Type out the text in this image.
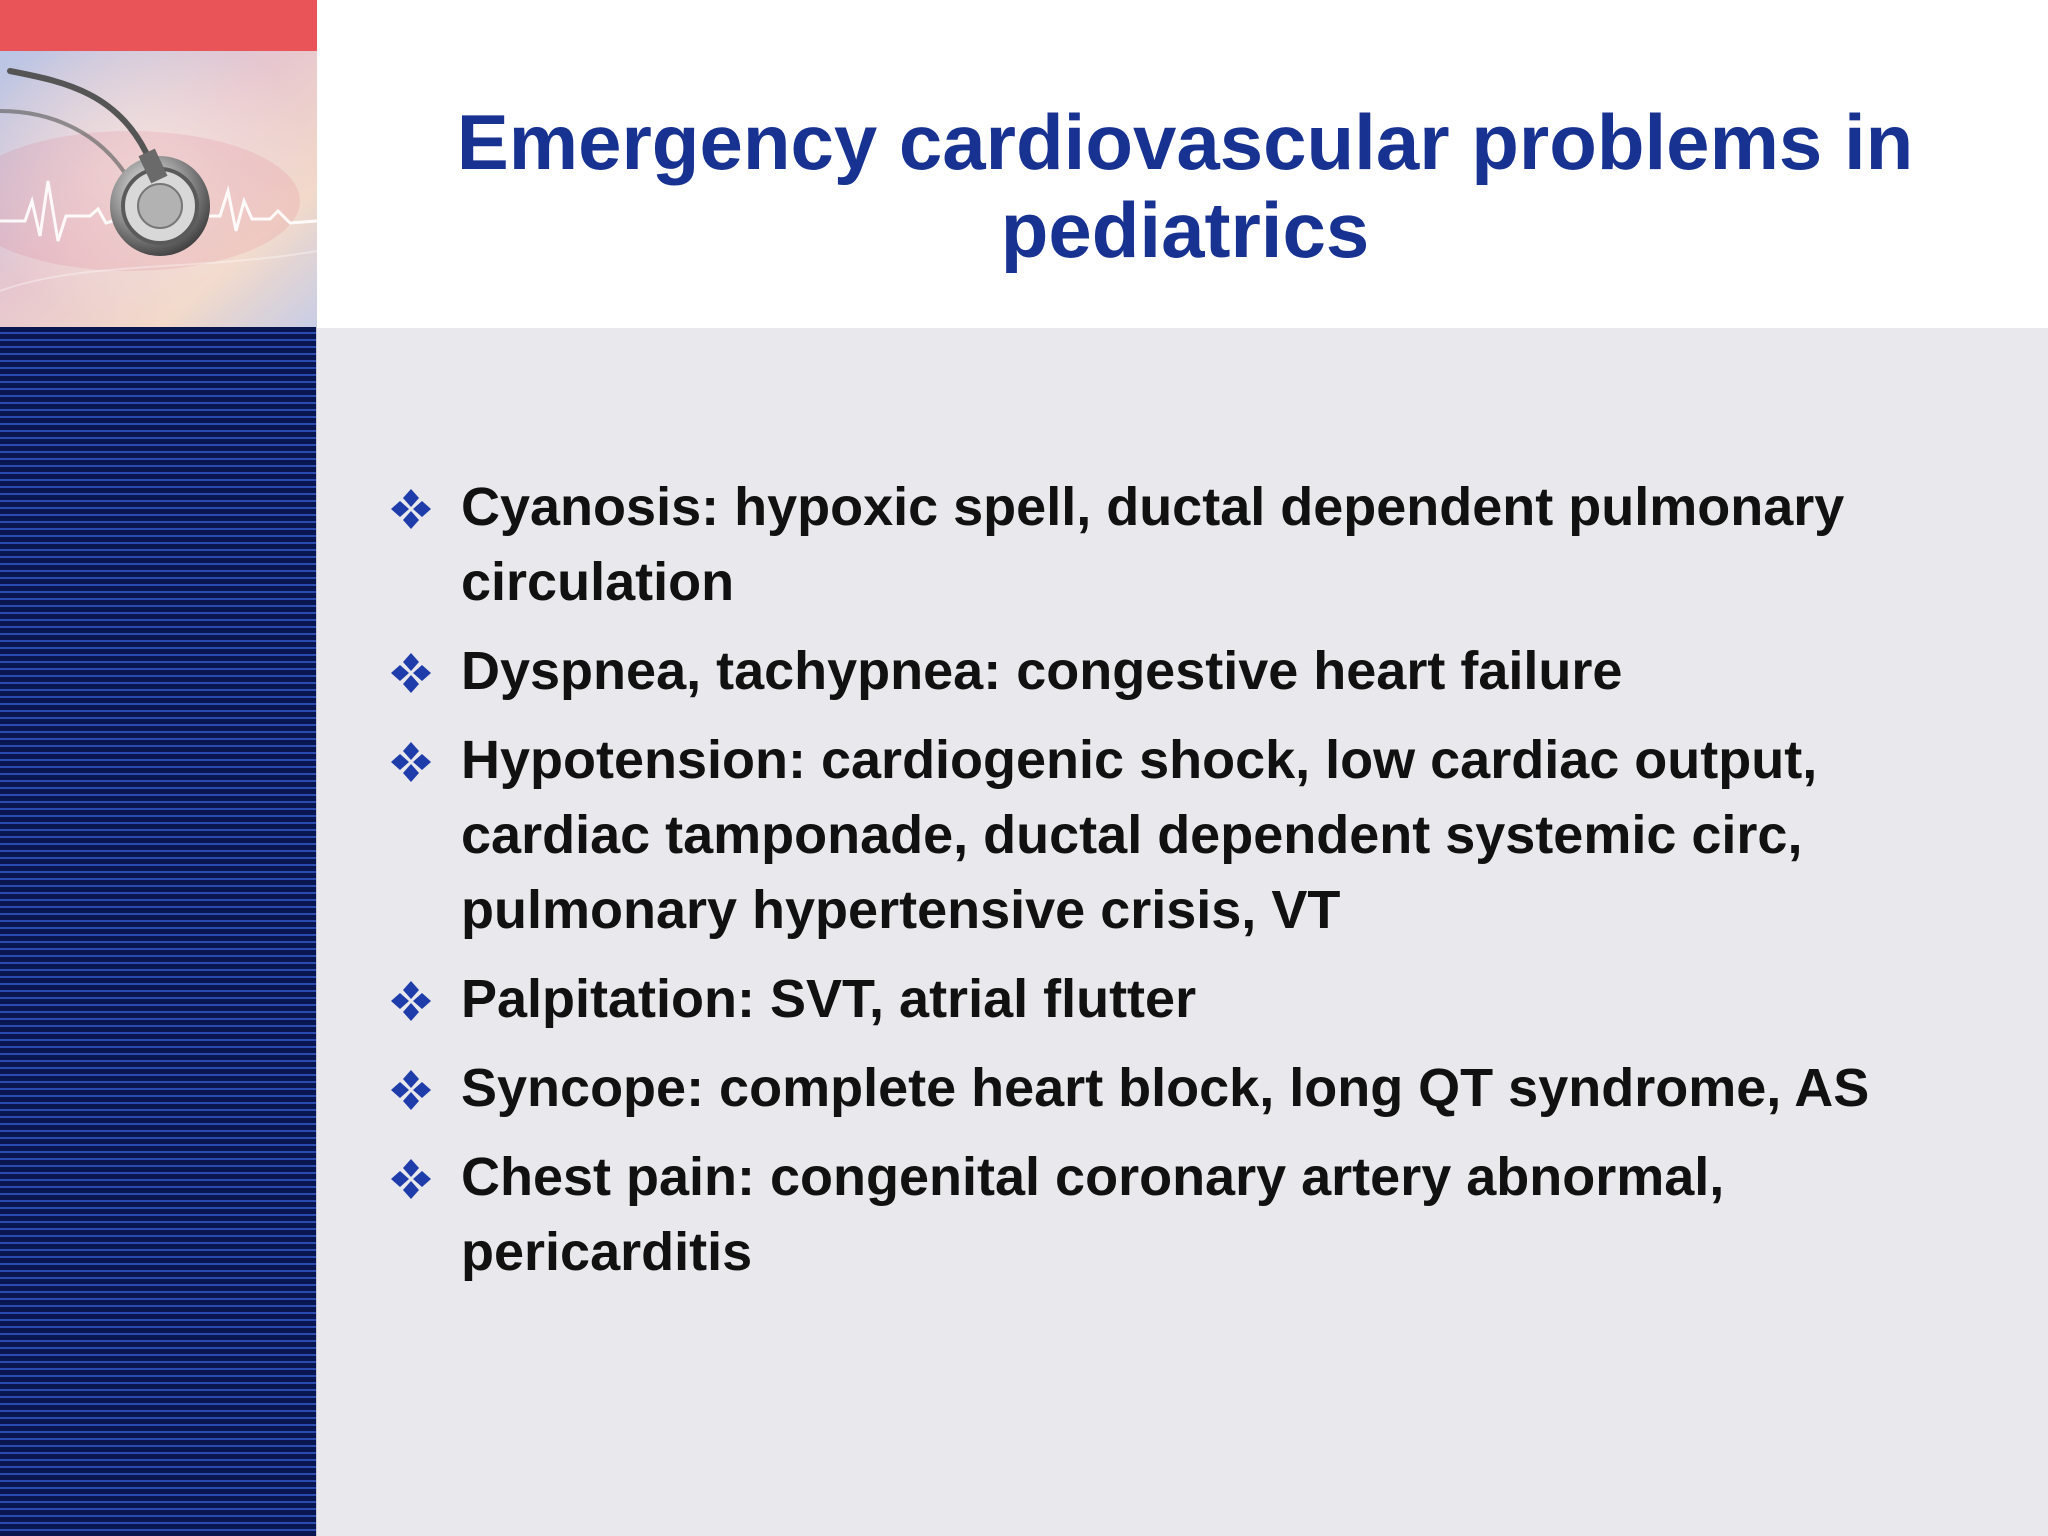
Emergency cardiovascular problems in pediatrics
Cyanosis: hypoxic spell, ductal dependent pulmonary circulation
Dyspnea, tachypnea: congestive heart failure
Hypotension: cardiogenic shock, low cardiac output, cardiac tamponade, ductal dependent systemic circ, pulmonary hypertensive crisis, VT
Palpitation: SVT, atrial flutter
Syncope: complete heart block, long QT syndrome, AS
Chest pain: congenital coronary artery abnormal, pericarditis
